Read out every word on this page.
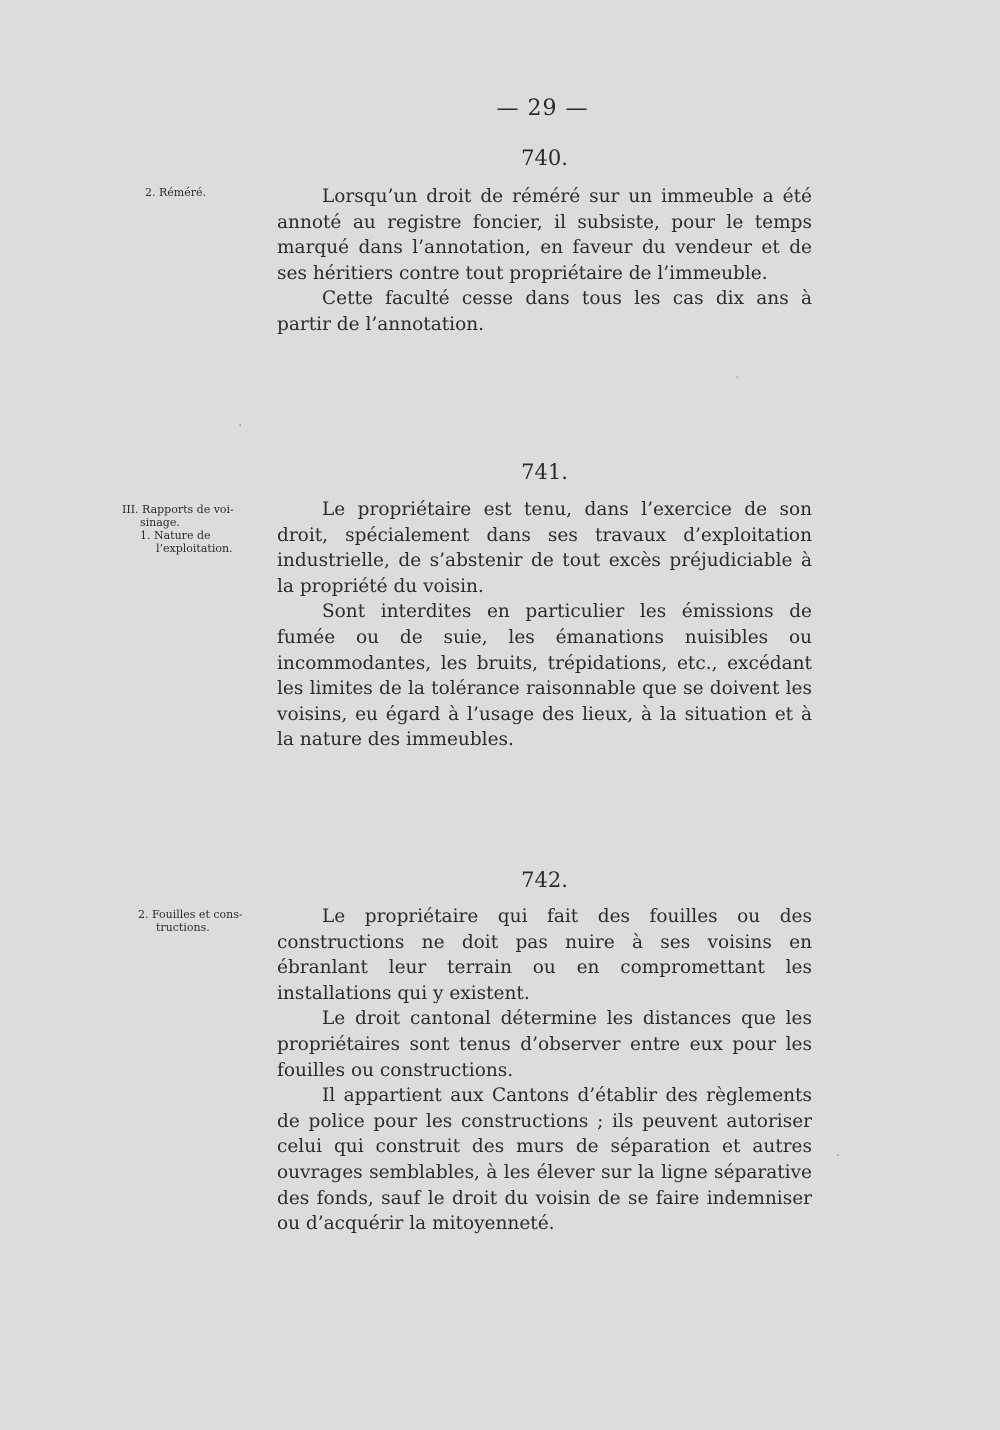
— 29 —
740.
2. Réméré.	Lorsqu’un droit de réméré sur un immeuble a été annoté au registre foncier, il subsiste, pour le temps marqué dans l’annotation, en faveur du vendeur et de ses héritiers contre tout propriétaire de l’immeuble.

Cette faculté cesse dans tous les cas dix ans à partir de l’annotation.

741.
III. Rapports de voi-
sinage.
1. Nature de
l’exploitation.

Le propriétaire est tenu, dans l’exercice de son droit, spécialement dans ses travaux d’exploitation industrielle, de s’abstenir de tout excès préjudiciable à la propriété du voisin.

Sont interdites en particulier les émissions de fumée ou de suie, les émanations nuisibles ou incommodantes, les bruits, trépidations, etc., excédant les limites de la tolérance raisonnable que se doivent les voisins, eu égard à l’usage des lieux, à la situation et à la nature des immeubles.

742.
2. Fouilles et cons-
tructions.

Le propriétaire qui fait des fouilles ou des constructions ne doit pas nuire à ses voisins en ébranlant leur terrain ou en compromettant les installations qui y existent.

Le droit cantonal détermine les distances que les propriétaires sont tenus d’observer entre eux pour les fouilles ou constructions.

Il appartient aux Cantons d’établir des règlements de police pour les constructions ; ils peuvent autoriser celui qui construit des murs de séparation et autres ouvrages semblables, à les élever sur la ligne séparative des fonds, sauf le droit du voisin de se faire indemniser ou d’acquérir la mitoyenneté.

·
·
·
